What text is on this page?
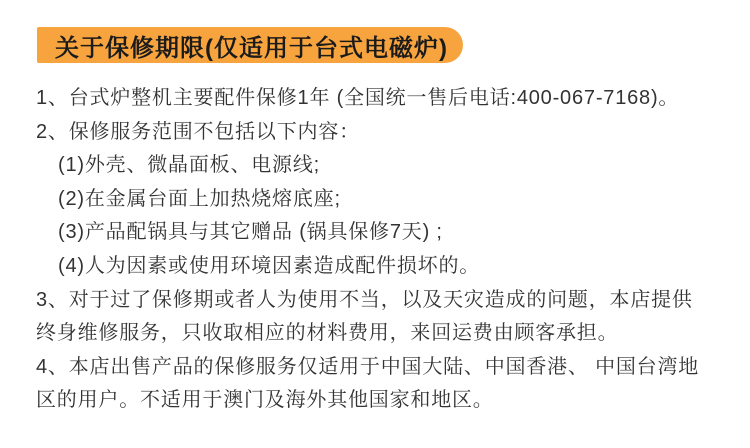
关于保修期限(仅适用于台式电磁炉)
1、台式炉整机主要配件保修1年 (全国统一售后电话:400-067-7168)。
2、保修服务范围不包括以下内容：
(1)外壳、微晶面板、电源线;
(2)在金属台面上加热烧熔底座;
(3)产品配锅具与其它赠品 (锅具保修7天) ;
(4)人为因素或使用环境因素造成配件损坏的。
3、对于过了保修期或者人为使用不当，以及天灾造成的问题，本店提供
终身维修服务，只收取相应的材料费用，来回运费由顾客承担。
4、本店出售产品的保修服务仅适用于中国大陆、中国香港、 中国台湾地
区的用户。不适用于澳门及海外其他国家和地区。
